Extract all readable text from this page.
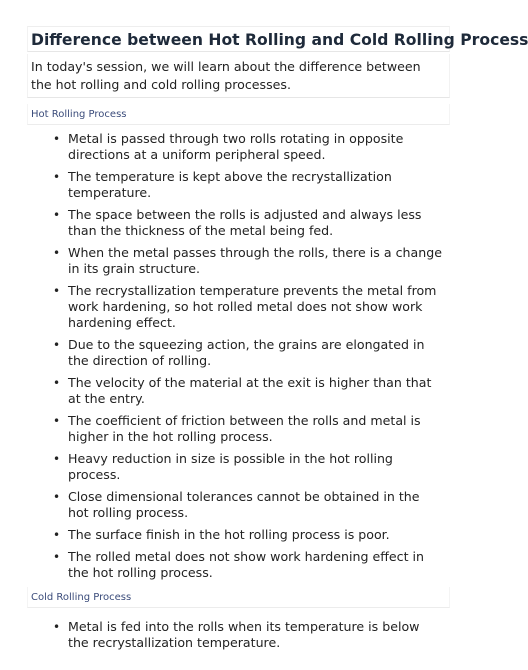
Difference between Hot Rolling and Cold Rolling Process

In today's session, we will learn about the difference between the hot rolling and cold rolling processes.

Hot Rolling Process
• Metal is passed through two rolls rotating in opposite directions at a uniform peripheral speed.
• The temperature is kept above the recrystallization temperature.
• The space between the rolls is adjusted and always less than the thickness of the metal being fed.
• When the metal passes through the rolls, there is a change in its grain structure.
• The recrystallization temperature prevents the metal from work hardening, so hot rolled metal does not show work hardening effect.
• Due to the squeezing action, the grains are elongated in the direction of rolling.
• The velocity of the material at the exit is higher than that at the entry.
• The coefficient of friction between the rolls and metal is higher in the hot rolling process.
• Heavy reduction in size is possible in the hot rolling process.
• Close dimensional tolerances cannot be obtained in the hot rolling process.
• The surface finish in the hot rolling process is poor.
• The rolled metal does not show work hardening effect in the hot rolling process.
Cold Rolling Process
• Metal is fed into the rolls when its temperature is below the recrystallization temperature.
